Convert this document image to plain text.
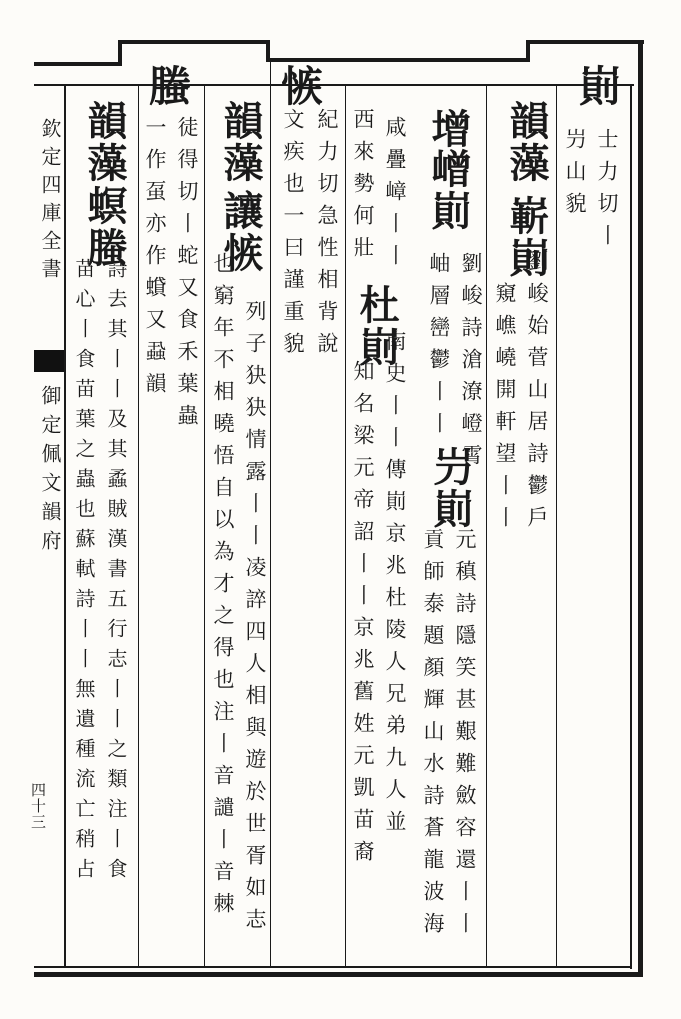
欽定四庫全書
御定佩文韻府
四十三
崱
士力切丨
屶山貌
韻藻
嶄崱
劉峻始菅山居詩鬱戶
窺嶕嶢開軒望丨丨
增
崱
劉峻詩滄潦嶝霄
元稹詩隱笑甚艱難斂容還丨丨
嶒
岫層巒鬱丨丨
屶崱
貢師泰題顏輝山水詩蒼龍波海
咸疊嶂丨丨
南史丨丨傳崱京兆杜陵人兄弟九人並
西來勢何壯
杜崱
知名梁元帝詔丨丨京兆舊姓元凱苗裔
紀力切急性相背說
愱
文疾也一曰謹重貌
韻藻
讓愱
列子㹟㹟情露丨丨凌誶四人相與遊於世胥如志
也窮年不相曉悟自以為才之得也注丨音譴丨音棘
螣
徒得切丨蛇又食禾葉蟲
一作虿亦作蟘又蝨韻
韻藻
螟螣
詩去其丨丨及其蟊賊漢書五行志丨丨之類注丨食
苗心丨食苗葉之蟲也蘇軾詩丨丨無遺種流亡稍占
